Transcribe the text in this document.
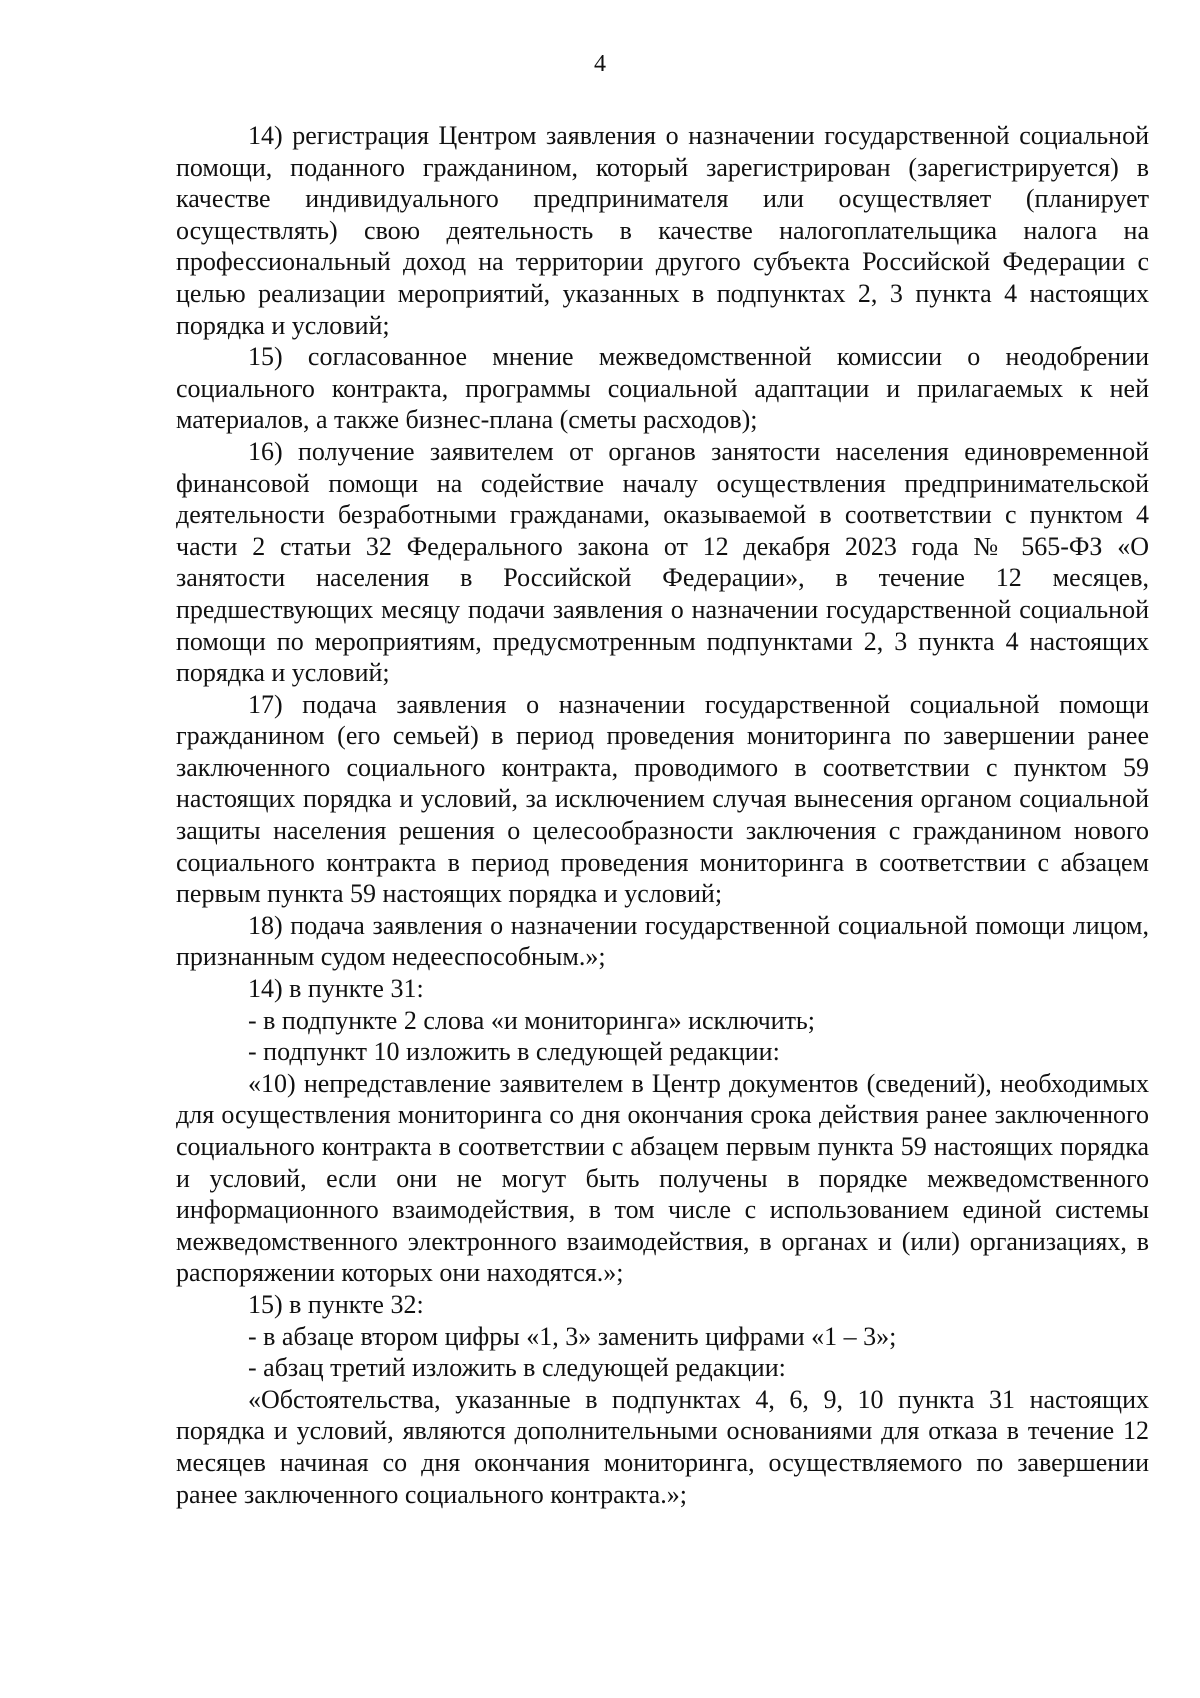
4

14) регистрация Центром заявления о назначении государственной социальной помощи, поданного гражданином, который зарегистрирован (зарегистрируется) в качестве индивидуального предпринимателя или осуществляет (планирует осуществлять) свою деятельность в качестве налогоплательщика налога на профессиональный доход на территории другого субъекта Российской Федерации с целью реализации мероприятий, указанных в подпунктах 2, 3 пункта 4 настоящих порядка и условий;

15) согласованное мнение межведомственной комиссии о неодобрении социального контракта, программы социальной адаптации и прилагаемых к ней материалов, а также бизнес-плана (сметы расходов);

16) получение заявителем от органов занятости населения единовременной финансовой помощи на содействие началу осуществления предпринимательской деятельности безработными гражданами, оказываемой в соответствии с пунктом 4 части 2 статьи 32 Федерального закона от 12 декабря 2023 года № 565-ФЗ «О занятости населения в Российской Федерации», в течение 12 месяцев, предшествующих месяцу подачи заявления о назначении государственной социальной помощи по мероприятиям, предусмотренным подпунктами 2, 3 пункта 4 настоящих порядка и условий;

17) подача заявления о назначении государственной социальной помощи гражданином (его семьей) в период проведения мониторинга по завершении ранее заключенного социального контракта, проводимого в соответствии с пунктом 59 настоящих порядка и условий, за исключением случая вынесения органом социальной защиты населения решения о целесообразности заключения с гражданином нового социального контракта в период проведения мониторинга в соответствии с абзацем первым пункта 59 настоящих порядка и условий;

18) подача заявления о назначении государственной социальной помощи лицом, признанным судом недееспособным.»;

14) в пункте 31:

- в подпункте 2 слова «и мониторинга» исключить;

- подпункт 10 изложить в следующей редакции:

«10) непредставление заявителем в Центр документов (сведений), необходимых для осуществления мониторинга со дня окончания срока действия ранее заключенного социального контракта в соответствии с абзацем первым пункта 59 настоящих порядка и условий, если они не могут быть получены в порядке межведомственного информационного взаимодействия, в том числе с использованием единой системы межведомственного электронного взаимодействия, в органах и (или) организациях, в распоряжении которых они находятся.»;

15) в пункте 32:

- в абзаце втором цифры «1, 3» заменить цифрами «1 – 3»;

- абзац третий изложить в следующей редакции:

«Обстоятельства, указанные в подпунктах 4, 6, 9, 10 пункта 31 настоящих порядка и условий, являются дополнительными основаниями для отказа в течение 12 месяцев начиная со дня окончания мониторинга, осуществляемого по завершении ранее заключенного социального контракта.»;
